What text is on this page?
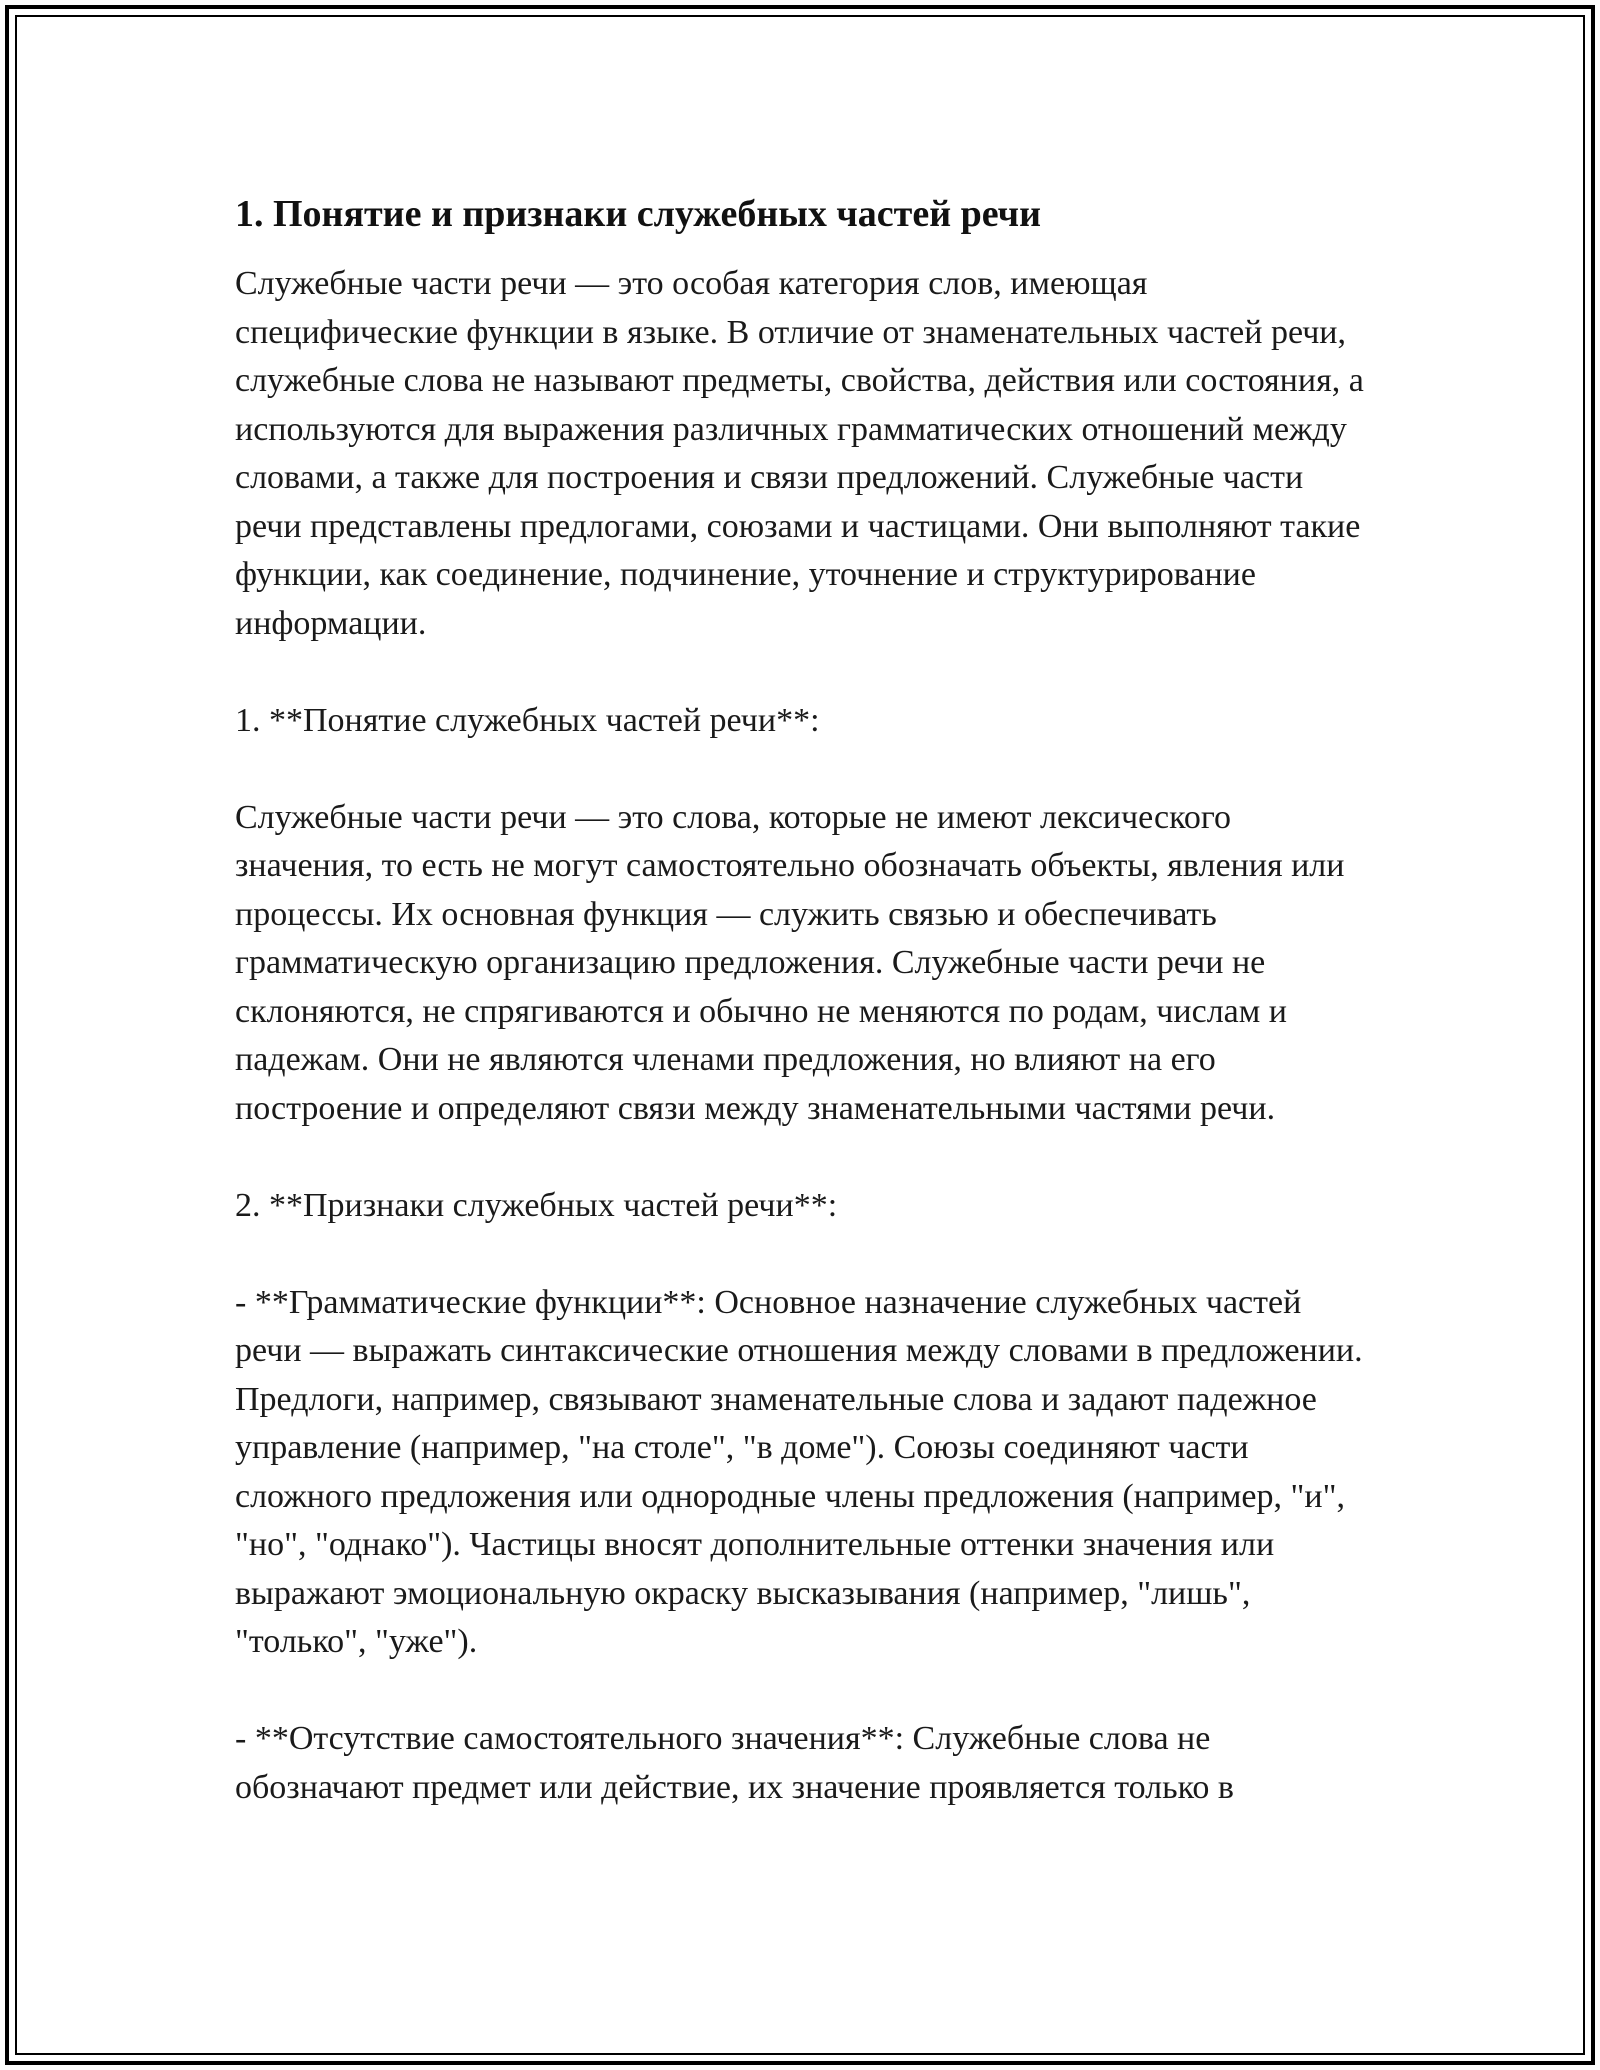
1. Понятие и признаки служебных частей речи

Служебные части речи — это особая категория слов, имеющая специфические функции в языке. В отличие от знаменательных частей речи, служебные слова не называют предметы, свойства, действия или состояния, а используются для выражения различных грамматических отношений между словами, а также для построения и связи предложений. Служебные части речи представлены предлогами, союзами и частицами. Они выполняют такие функции, как соединение, подчинение, уточнение и структурирование информации.

1. **Понятие служебных частей речи**:

Служебные части речи — это слова, которые не имеют лексического значения, то есть не могут самостоятельно обозначать объекты, явления или процессы. Их основная функция — служить связью и обеспечивать грамматическую организацию предложения. Служебные части речи не склоняются, не спрягиваются и обычно не меняются по родам, числам и падежам. Они не являются членами предложения, но влияют на его построение и определяют связи между знаменательными частями речи.

2. **Признаки служебных частей речи**:

- **Грамматические функции**: Основное назначение служебных частей речи — выражать синтаксические отношения между словами в предложении. Предлоги, например, связывают знаменательные слова и задают падежное управление (например, "на столе", "в доме"). Союзы соединяют части сложного предложения или однородные члены предложения (например, "и", "но", "однако"). Частицы вносят дополнительные оттенки значения или выражают эмоциональную окраску высказывания (например, "лишь", "только", "уже").

- **Отсутствие самостоятельного значения**: Служебные слова не обозначают предмет или действие, их значение проявляется только в
